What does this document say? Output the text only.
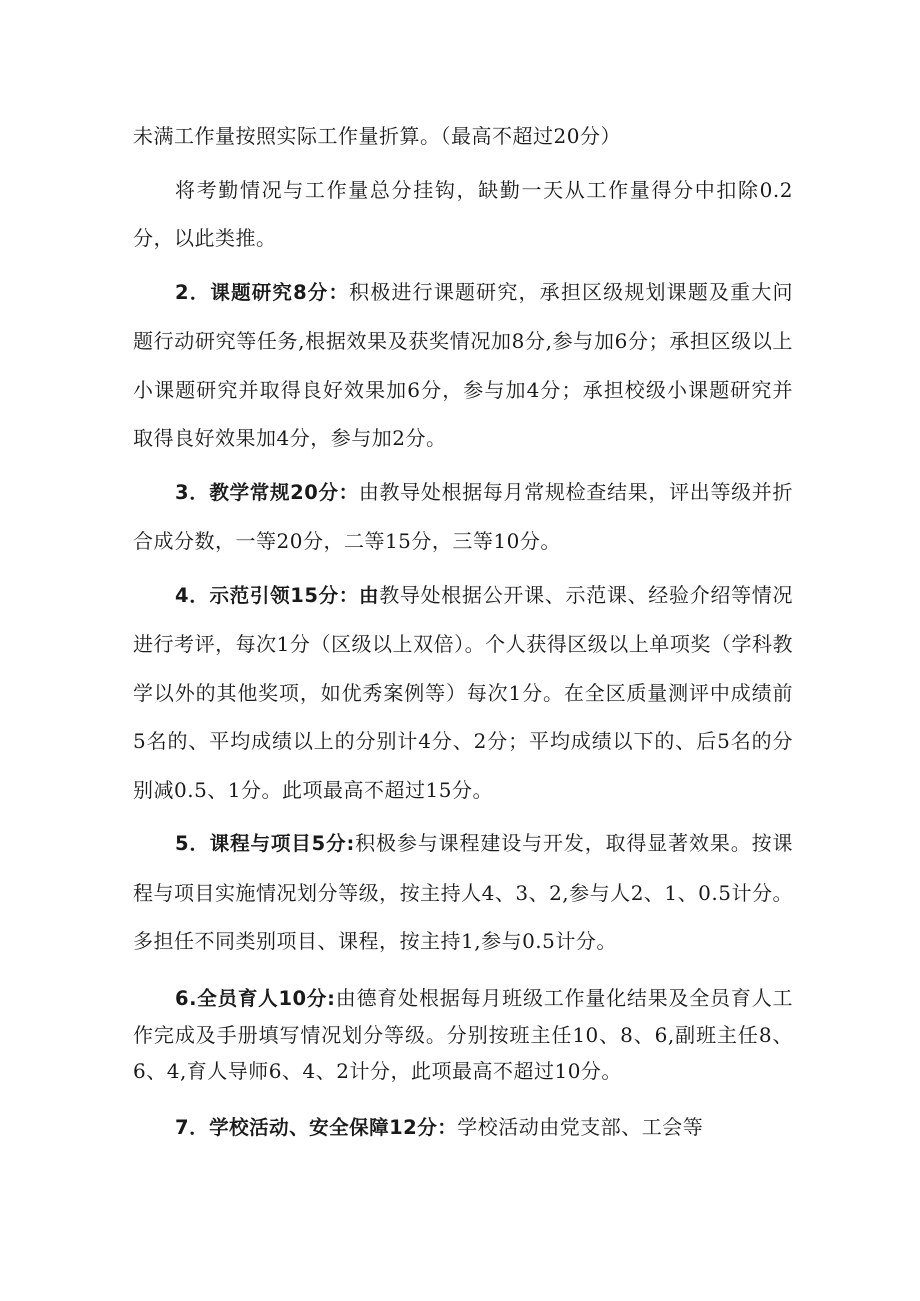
未满工作量按照实际工作量折算。（最高不超过20分）

将考勤情况与工作量总分挂钩，缺勤一天从工作量得分中扣除0.2分，以此类推。

2．课题研究8分：积极进行课题研究，承担区级规划课题及重大问题行动研究等任务,根据效果及获奖情况加8分,参与加6分；承担区级以上小课题研究并取得良好效果加6分，参与加4分；承担校级小课题研究并取得良好效果加4分，参与加2分。

3．教学常规20分：由教导处根据每月常规检查结果，评出等级并折合成分数，一等20分，二等15分，三等10分。

4．示范引领15分：由教导处根据公开课、示范课、经验介绍等情况进行考评，每次1分（区级以上双倍）。个人获得区级以上单项奖（学科教学以外的其他奖项，如优秀案例等）每次1分。在全区质量测评中成绩前5名的、平均成绩以上的分别计4分、2分；平均成绩以下的、后5名的分别减0.5、1分。此项最高不超过15分。

5．课程与项目5分:积极参与课程建设与开发，取得显著效果。按课程与项目实施情况划分等级，按主持人4、3、2,参与人2、1、0.5计分。多担任不同类别项目、课程，按主持1,参与0.5计分。

6.全员育人10分:由德育处根据每月班级工作量化结果及全员育人工作完成及手册填写情况划分等级。分别按班主任10、8、6,副班主任8、6、4,育人导师6、4、2计分，此项最高不超过10分。

7．学校活动、安全保障12分：学校活动由党支部、工会等
